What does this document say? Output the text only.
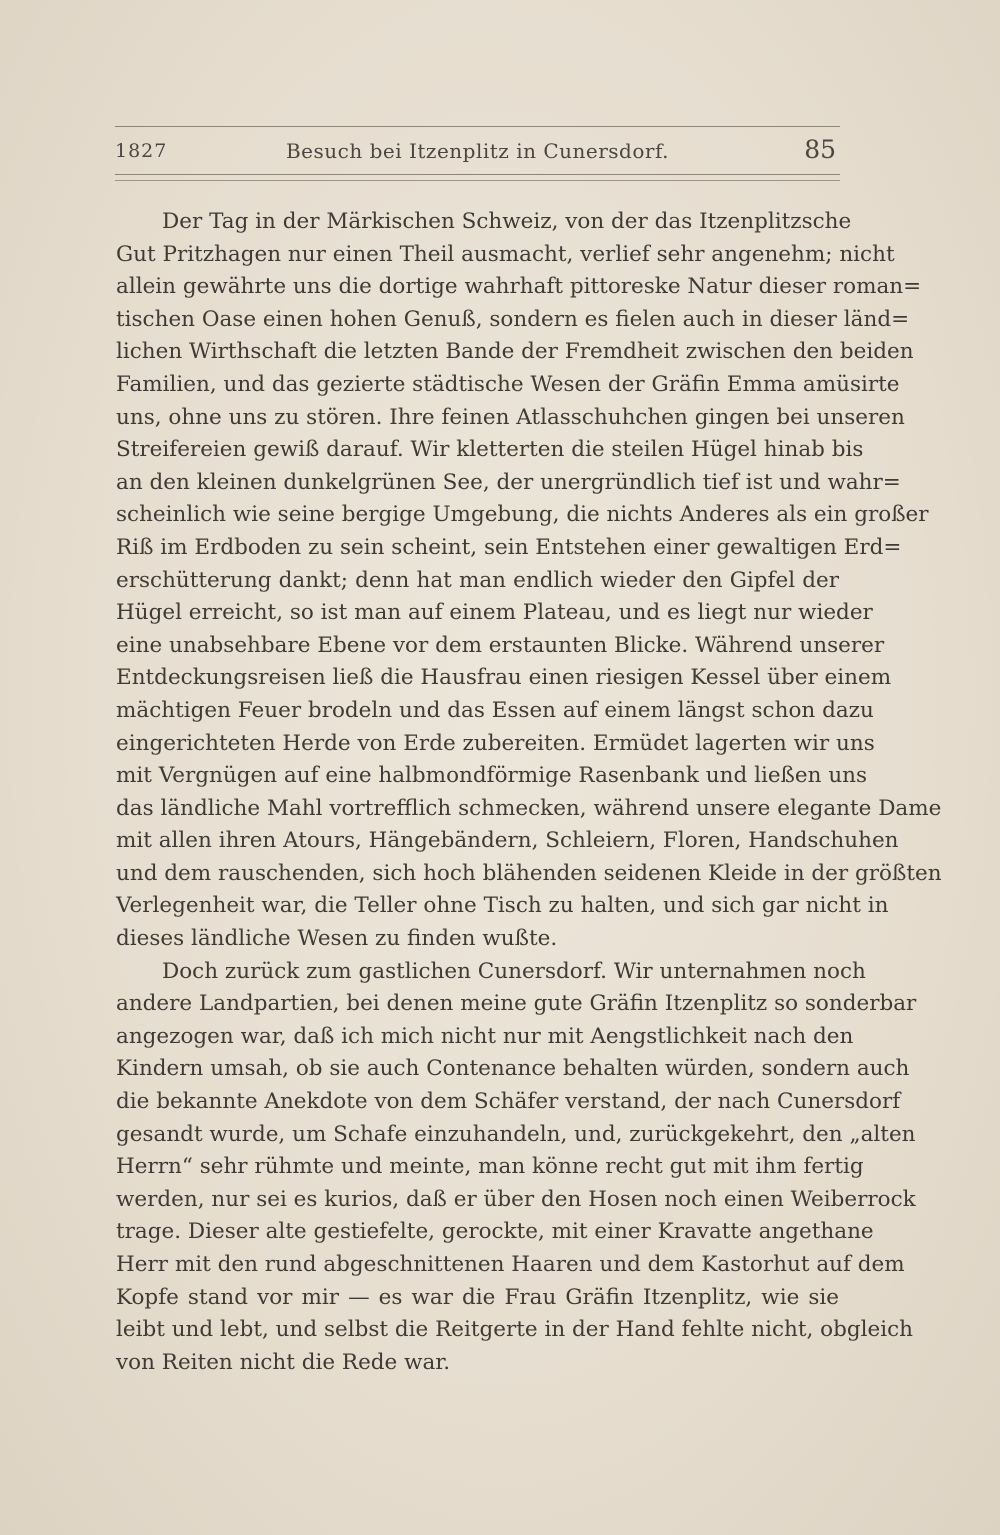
1827	Besuch bei Itzenplitz in Cunersdorf.	85
Der Tag in der Märkischen Schweiz, von der das Itzenplitzsche
Gut Pritzhagen nur einen Theil ausmacht, verlief sehr angenehm; nicht
allein gewährte uns die dortige wahrhaft pittoreske Natur dieser roman=
tischen Oase einen hohen Genuß, sondern es fielen auch in dieser länd=
lichen Wirthschaft die letzten Bande der Fremdheit zwischen den beiden
Familien, und das gezierte städtische Wesen der Gräfin Emma amüsirte
uns, ohne uns zu stören. Ihre feinen Atlasschuhchen gingen bei unseren
Streifereien gewiß darauf. Wir kletterten die steilen Hügel hinab bis
an den kleinen dunkelgrünen See, der unergründlich tief ist und wahr=
scheinlich wie seine bergige Umgebung, die nichts Anderes als ein großer
Riß im Erdboden zu sein scheint, sein Entstehen einer gewaltigen Erd=
erschütterung dankt; denn hat man endlich wieder den Gipfel der
Hügel erreicht, so ist man auf einem Plateau, und es liegt nur wieder
eine unabsehbare Ebene vor dem erstaunten Blicke. Während unserer
Entdeckungsreisen ließ die Hausfrau einen riesigen Kessel über einem
mächtigen Feuer brodeln und das Essen auf einem längst schon dazu
eingerichteten Herde von Erde zubereiten. Ermüdet lagerten wir uns
mit Vergnügen auf eine halbmondförmige Rasenbank und ließen uns
das ländliche Mahl vortrefflich schmecken, während unsere elegante Dame
mit allen ihren Atours, Hängebändern, Schleiern, Floren, Handschuhen
und dem rauschenden, sich hoch blähenden seidenen Kleide in der größten
Verlegenheit war, die Teller ohne Tisch zu halten, und sich gar nicht in
dieses ländliche Wesen zu finden wußte.
Doch zurück zum gastlichen Cunersdorf. Wir unternahmen noch
andere Landpartien, bei denen meine gute Gräfin Itzenplitz so sonderbar
angezogen war, daß ich mich nicht nur mit Aengstlichkeit nach den
Kindern umsah, ob sie auch Contenance behalten würden, sondern auch
die bekannte Anekdote von dem Schäfer verstand, der nach Cunersdorf
gesandt wurde, um Schafe einzuhandeln, und, zurückgekehrt, den „alten
Herrn“ sehr rühmte und meinte, man könne recht gut mit ihm fertig
werden, nur sei es kurios, daß er über den Hosen noch einen Weiberrock
trage. Dieser alte gestiefelte, gerockte, mit einer Kravatte angethane
Herr mit den rund abgeschnittenen Haaren und dem Kastorhut auf dem
Kopfe stand vor mir — es war die Frau Gräfin Itzenplitz, wie sie
leibt und lebt, und selbst die Reitgerte in der Hand fehlte nicht, obgleich
von Reiten nicht die Rede war.
